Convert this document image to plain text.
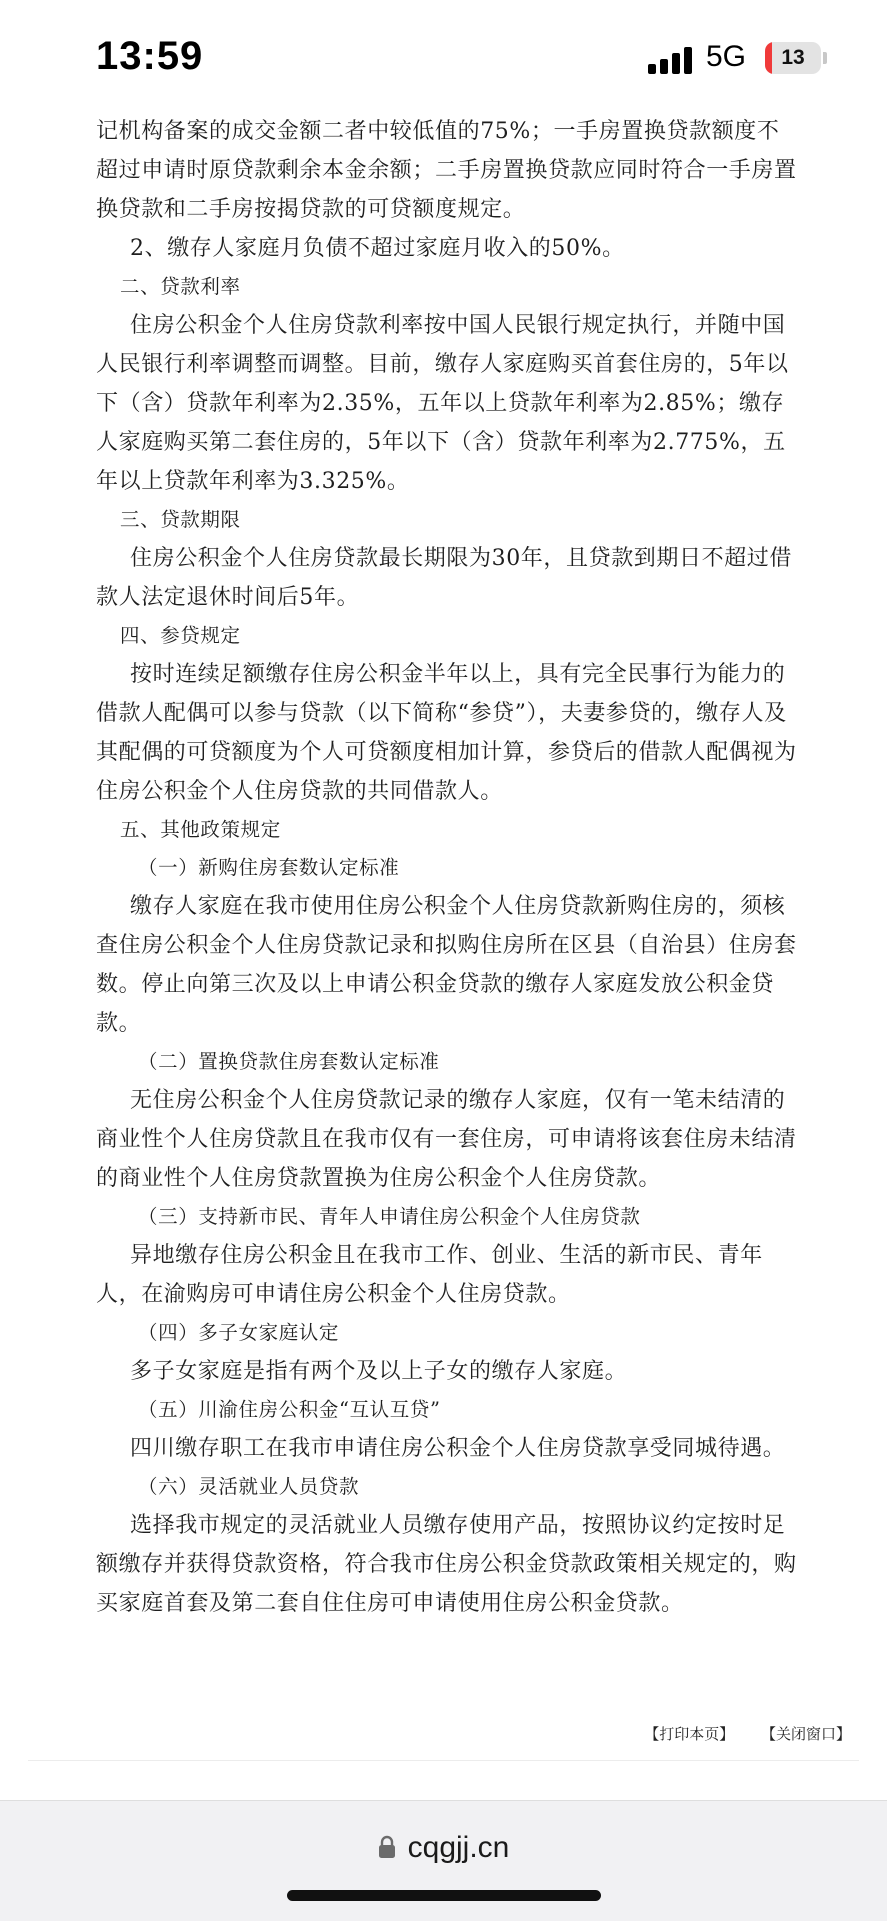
13:59	5G	13

记机构备案的成交金额二者中较低值的75%；一手房置换贷款额度不超过申请时原贷款剩余本金余额；二手房置换贷款应同时符合一手房置换贷款和二手房按揭贷款的可贷额度规定。

2、缴存人家庭月负债不超过家庭月收入的50%。

二、贷款利率

住房公积金个人住房贷款利率按中国人民银行规定执行，并随中国人民银行利率调整而调整。目前，缴存人家庭购买首套住房的，5年以下（含）贷款年利率为2.35%，五年以上贷款年利率为2.85%；缴存人家庭购买第二套住房的，5年以下（含）贷款年利率为2.775%，五年以上贷款年利率为3.325%。

三、贷款期限

住房公积金个人住房贷款最长期限为30年，且贷款到期日不超过借款人法定退休时间后5年。

四、参贷规定

按时连续足额缴存住房公积金半年以上，具有完全民事行为能力的借款人配偶可以参与贷款（以下简称“参贷”），夫妻参贷的，缴存人及其配偶的可贷额度为个人可贷额度相加计算，参贷后的借款人配偶视为住房公积金个人住房贷款的共同借款人。

五、其他政策规定

（一）新购住房套数认定标准

缴存人家庭在我市使用住房公积金个人住房贷款新购住房的，须核查住房公积金个人住房贷款记录和拟购住房所在区县（自治县）住房套数。停止向第三次及以上申请公积金贷款的缴存人家庭发放公积金贷款。

（二）置换贷款住房套数认定标准

无住房公积金个人住房贷款记录的缴存人家庭，仅有一笔未结清的商业性个人住房贷款且在我市仅有一套住房，可申请将该套住房未结清的商业性个人住房贷款置换为住房公积金个人住房贷款。

（三）支持新市民、青年人申请住房公积金个人住房贷款

异地缴存住房公积金且在我市工作、创业、生活的新市民、青年人，在渝购房可申请住房公积金个人住房贷款。

（四）多子女家庭认定

多子女家庭是指有两个及以上子女的缴存人家庭。

（五）川渝住房公积金“互认互贷”

四川缴存职工在我市申请住房公积金个人住房贷款享受同城待遇。

（六）灵活就业人员贷款

选择我市规定的灵活就业人员缴存使用产品，按照协议约定按时足额缴存并获得贷款资格，符合我市住房公积金贷款政策相关规定的，购买家庭首套及第二套自住住房可申请使用住房公积金贷款。

【打印本页】 【关闭窗口】
cqgjj.cn
